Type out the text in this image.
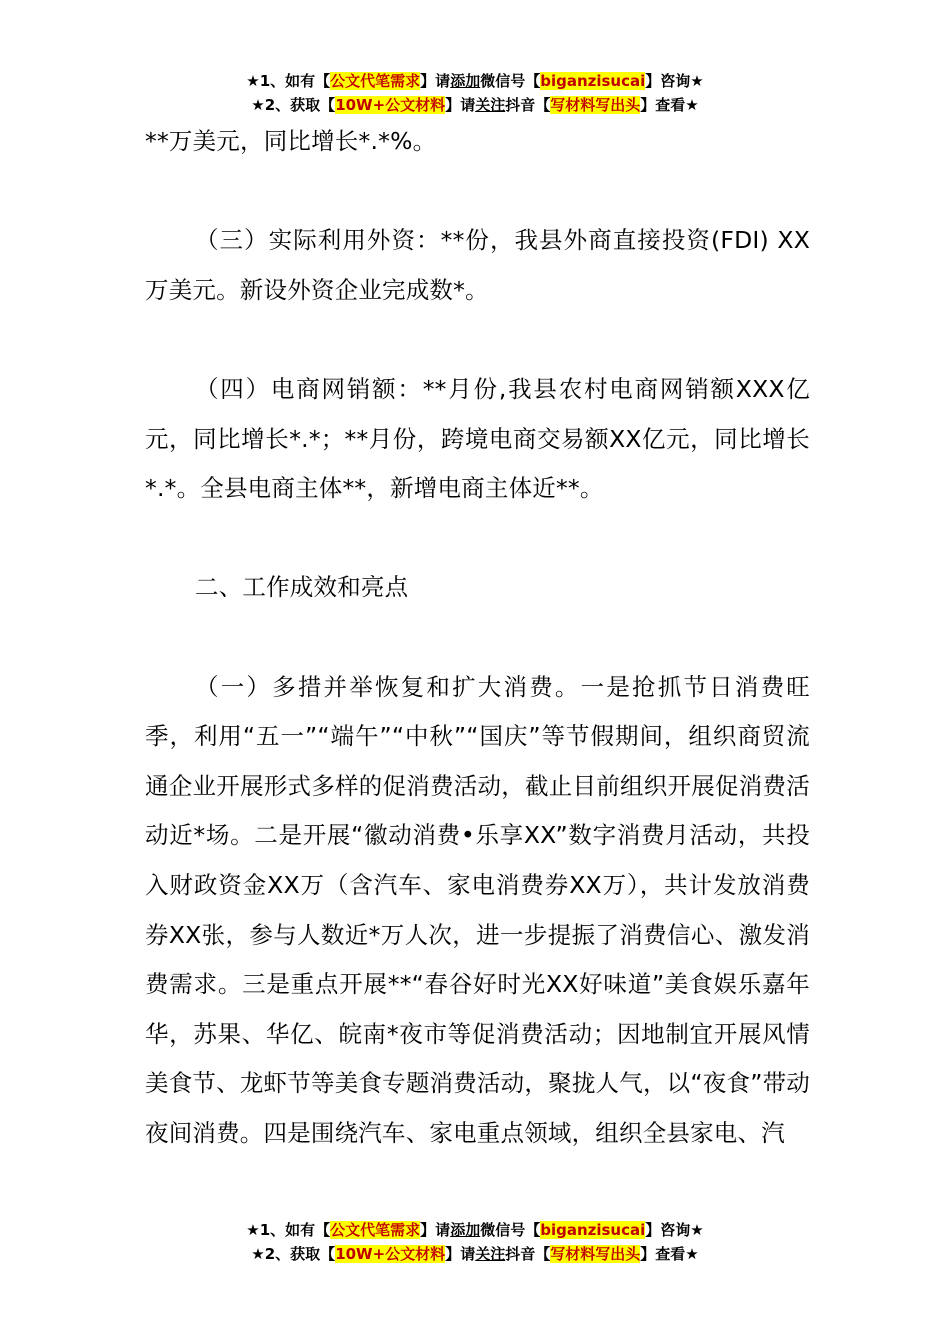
★1、如有【公文代笔需求】请添加微信号【biganzisucai】咨询★
★2、获取【10W+公文材料】请关注抖音【写材料写出头】查看★

**万美元，同比增长*.*%。

（三）实际利用外资：**份，我县外商直接投资(FDI) XX万美元。新设外资企业完成数*。

（四）电商网销额：**月份,我县农村电商网销额XXX亿元，同比增长*.*；**月份，跨境电商交易额XX亿元，同比增长*.*。全县电商主体**，新增电商主体近**。

二、工作成效和亮点

（一）多措并举恢复和扩大消费。一是抢抓节日消费旺季，利用“五一”“端午”“中秋”“国庆”等节假期间，组织商贸流通企业开展形式多样的促消费活动，截止目前组织开展促消费活动近*场。二是开展“徽动消费•乐享XX”数字消费月活动，共投入财政资金XX万（含汽车、家电消费券XX万），共计发放消费券XX张，参与人数近*万人次，进一步提振了消费信心、激发消费需求。三是重点开展**“春谷好时光XX好味道”美食娱乐嘉年华，苏果、华亿、皖南*夜市等促消费活动；因地制宜开展风情美食节、龙虾节等美食专题消费活动，聚拢人气，以“夜食”带动夜间消费。四是围绕汽车、家电重点领域，组织全县家电、汽

★1、如有【公文代笔需求】请添加微信号【biganzisucai】咨询★
★2、获取【10W+公文材料】请关注抖音【写材料写出头】查看★
